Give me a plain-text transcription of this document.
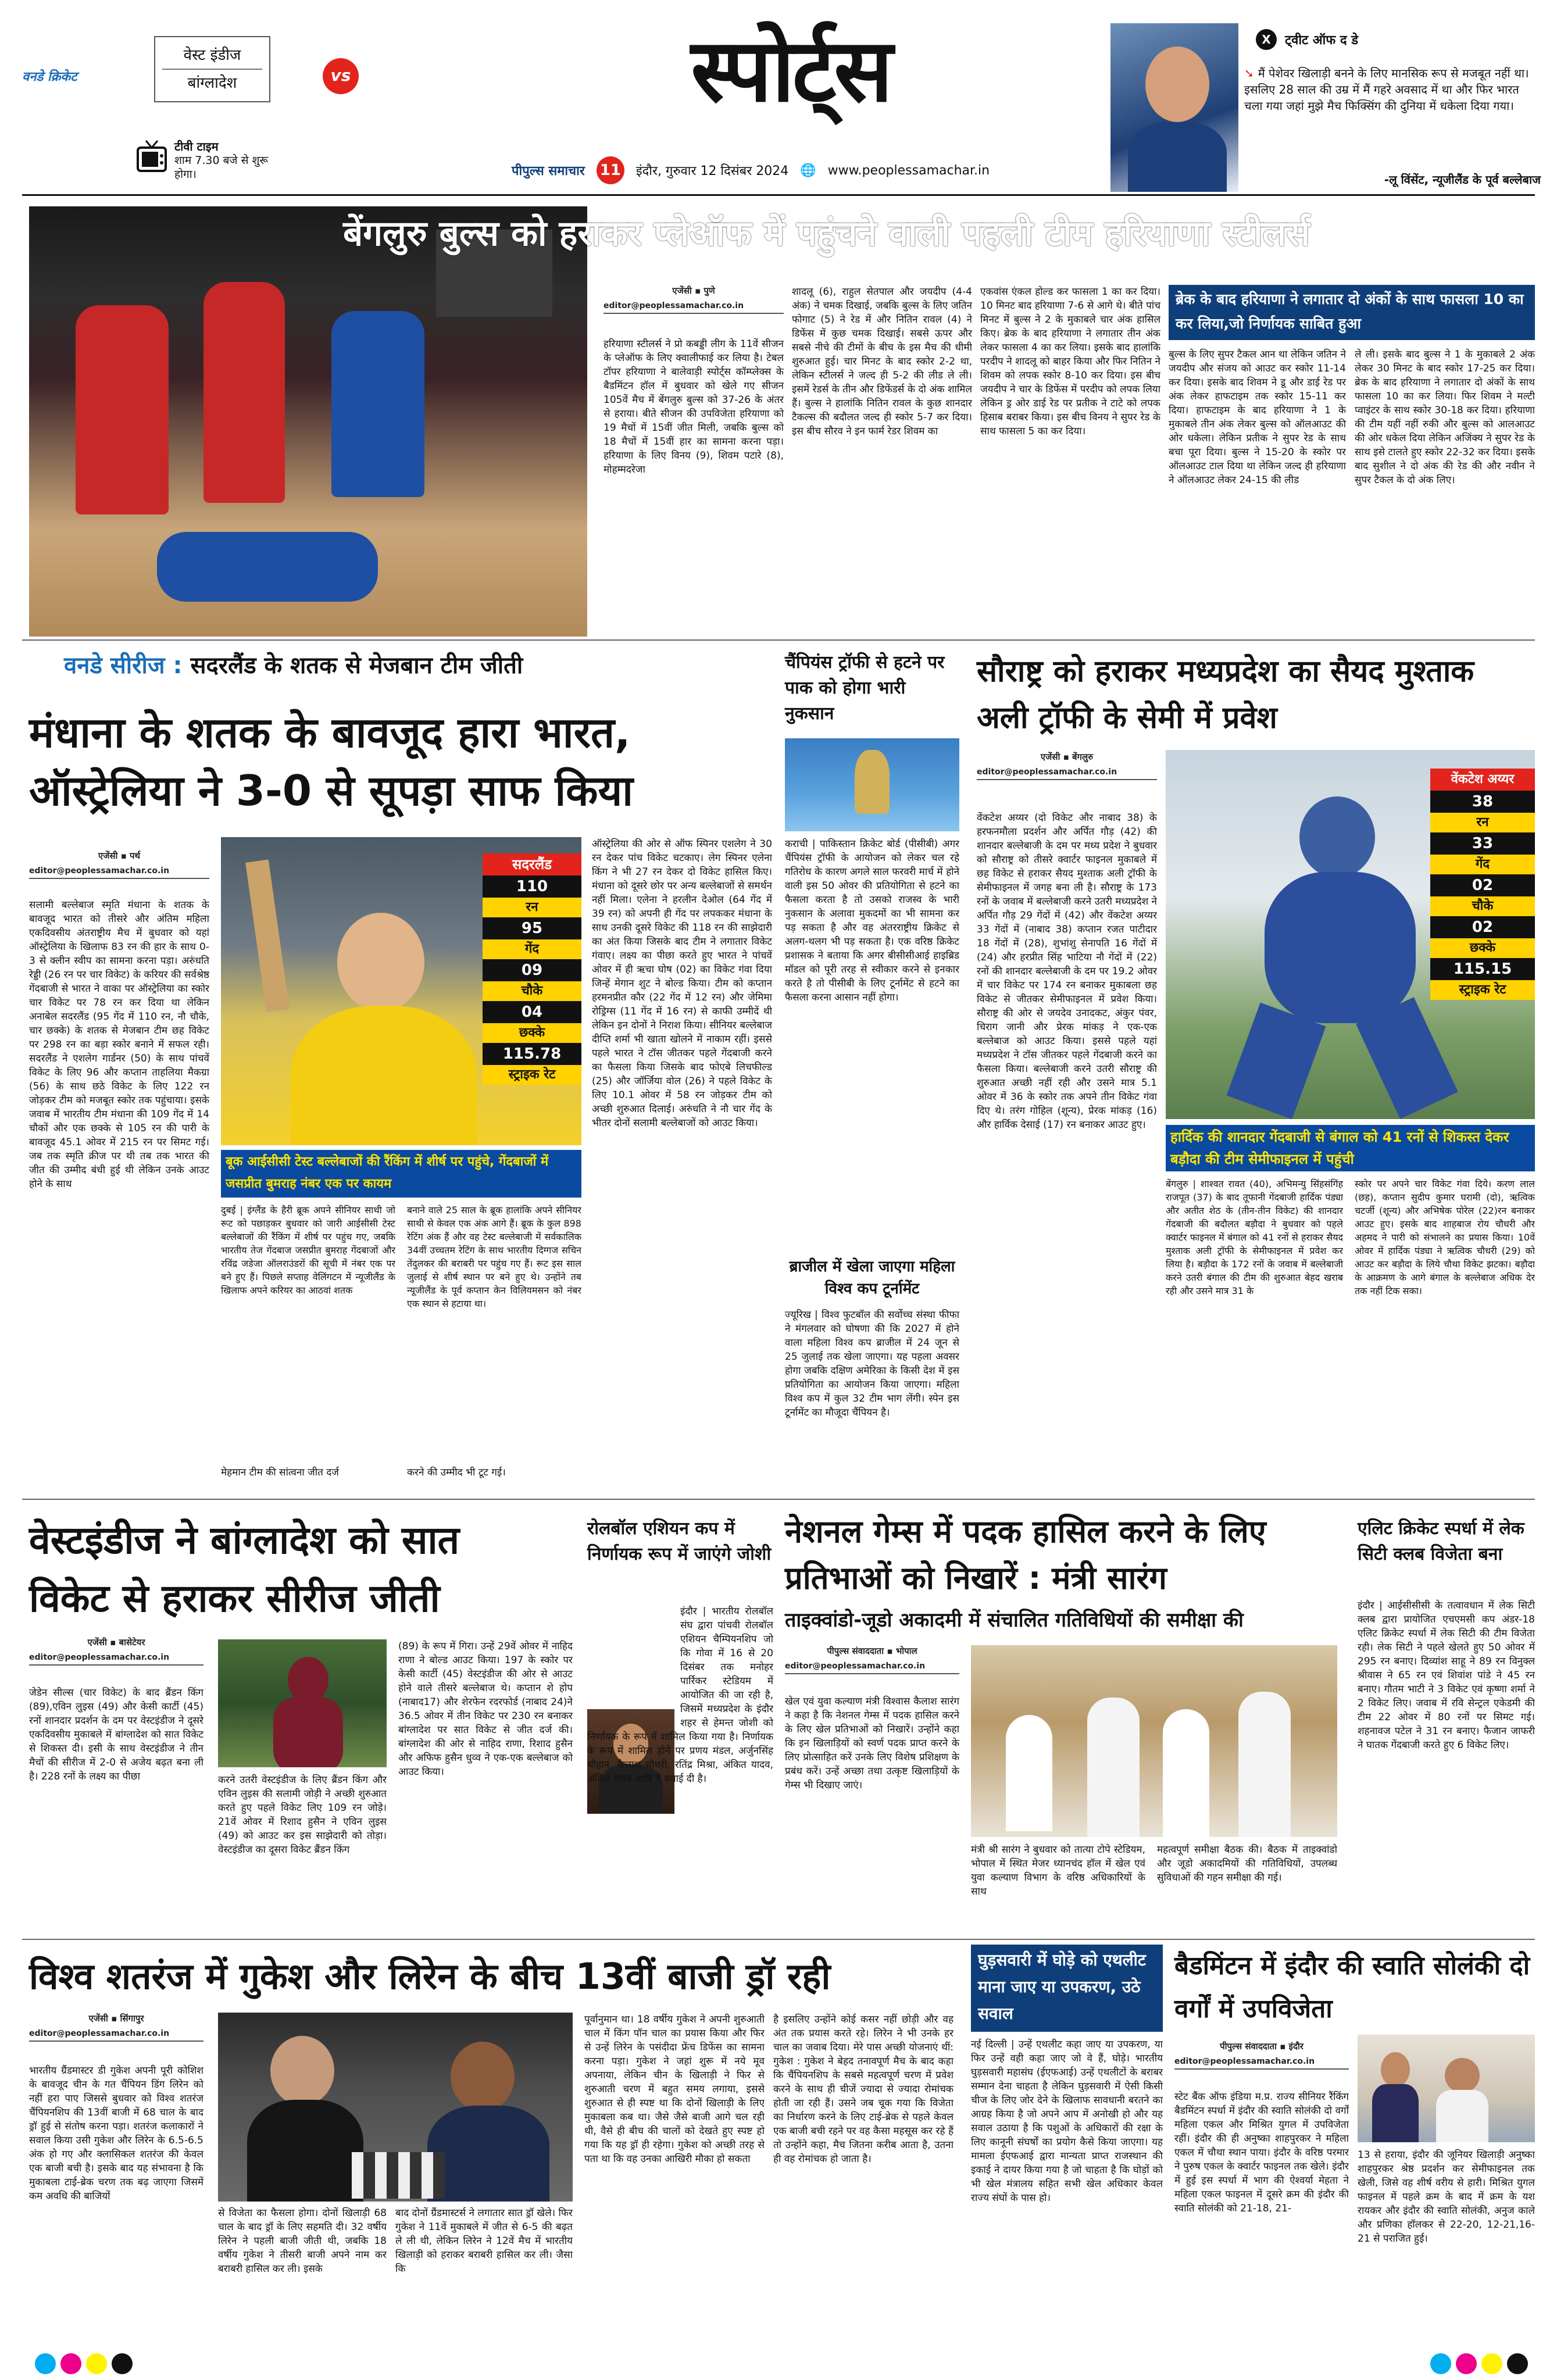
वनडे क्रिकेट
वेस्ट इंडीज
बांग्लादेश	vs
टीवी टाइम
शाम 7.30 बजे से शुरू होगा।
स्पोर्ट्स
पीपुल्स समाचार 11 इंदौर, गुरुवार 12 दिसंबर 2024 🌐 www.peoplessamachar.in
X	ट्वीट ऑफ द डे
➘ मैं पेशेवर खिलाड़ी बनने के लिए मानसिक रूप से मजबूत नहीं था। इसलिए 28 साल की उम्र में मैं गहरे अवसाद में था और फिर भारत चला गया जहां मुझे मैच फिक्सिंग की दुनिया में धकेला दिया गया।
-लू विंसेंट, न्यूजीलैंड के पूर्व बल्लेबाज
बेंगलुरु बुल्स को हराकर प्लेऑफ में पहुंचने वाली पहली टीम हरियाणा स्टीलर्स
एजेंसी ▪ पुणे
editor@peoplessamachar.co.in
हरियाणा स्टीलर्स ने प्रो कबड्डी लीग के 11वें सीजन के प्लेऑफ के लिए क्वालीफाई कर लिया है। टेबल टॉपर हरियाणा ने बालेवाड़ी स्पोर्ट्स कॉम्प्लेक्स के बैडमिंटन हॉल में बुधवार को खेले गए सीजन 105वें मैच में बेंगलुरु बुल्स को 37-26 के अंतर से हराया। बीते सीजन की उपविजेता हरियाणा को 19 मैचों में 15वीं जीत मिली, जबकि बुल्स को 18 मैचों में 15वीं हार का सामना करना पड़ा। हरियाणा के लिए विनय (9), शिवम पटारे (8), मोहम्मदरेजा
शादलू (6), राहुल सेतपाल और जयदीप (4-4 अंक) ने चमक दिखाई, जबकि बुल्स के लिए जतिन फोगाट (5) ने रेड में और नितिन रावल (4) ने डिफेंस में कुछ चमक दिखाई। सबसे ऊपर और सबसे नीचे की टीमों के बीच के इस मैच की धीमी शुरुआत हुई। चार मिनट के बाद स्कोर 2-2 था, लेकिन स्टीलर्स ने जल्द ही 5-2 की लीड ले ली। इसमें रेडर्स के तीन और डिफेंडर्स के दो अंक शामिल हैं। बुल्स ने हालांकि नितिन रावल के कुछ शानदार टैकल्स की बदौलत जल्द ही स्कोर 5-7 कर दिया। इस बीच सौरव ने इन फार्म रेडर शिवम का
एकवांस एंकल होल्ड कर फासला 1 का कर दिया। 10 मिनट बाद हरियाणा 7-6 से आगे थे। बीते पांच मिनट में बुल्स ने 2 के मुकाबले चार अंक हासिल किए। ब्रेक के बाद हरियाणा ने लगातार तीन अंक लेकर फासला 4 का कर लिया। इसके बाद हालांकि परदीप ने शादलू को बाहर किया और फिर नितिन ने शिवम को लपक स्कोर 8-10 कर दिया। इस बीच जयदीप ने चार के डिफेंस में परदीप को लपक लिया लेकिन ड्र ओर डाई रेड पर प्रतीक ने टाटे को लपक हिसाब बराबर किया। इस बीच विनय ने सुपर रेड के साथ फासला 5 का कर दिया।
ब्रेक के बाद हरियाणा ने लगातार दो अंकों के साथ फासला 10 का कर लिया,जो निर्णायक साबित हुआ
बुल्स के लिए सुपर टैकल आन था लेकिन जतिन ने जयदीप और संजय को आउट कर स्कोर 11-14 कर दिया। इसके बाद शिवम ने डू और डाई रेड पर अंक लेकर हाफटाइम तक स्कोर 15-11 कर दिया। हाफटाइम के बाद हरियाणा ने 1 के मुकाबले तीन अंक लेकर बुल्स को ऑलआउट की ओर धकेला। लेकिन प्रतीक ने सुपर रेड के साथ बचा पूरा दिया। बुल्स ने 15-20 के स्कोर पर ऑलआउट टाल दिया था लेकिन जल्द ही हरियाणा ने ऑलआउट लेकर 24-15 की लीड
ले ली। इसके बाद बुल्स ने 1 के मुकाबले 2 अंक लेकर 30 मिनट के बाद स्कोर 17-25 कर दिया। ब्रेक के बाद हरियाणा ने लगातार दो अंकों के साथ फासला 10 का कर लिया। फिर शिवम ने मल्टी प्वाइंटर के साथ स्कोर 30-18 कर दिया। हरियाणा की टीम यहीं नहीं रुकी और बुल्स को आलआउट की ओर धकेल दिया लेकिन अजिंक्य ने सुपर रेड के साथ इसे टालते हुए स्कोर 22-32 कर दिया। इसके बाद सुशील ने दो अंक की रेड की और नवीन ने सुपर टैकल के दो अंक लिए।
वनडे सीरीज : सदरलैंड के शतक से मेजबान टीम जीती
मंधाना के शतक के बावजूद हारा भारत, ऑस्ट्रेलिया ने 3-0 से सूपड़ा साफ किया
एजेंसी ▪ पर्थ
editor@peoplessamachar.co.in
सलामी बल्लेबाज स्मृति मंधाना के शतक के बावजूद भारत को तीसरे और अंतिम महिला एकदिवसीय अंतराष्ट्रीय मैच में बुधवार को यहां ऑस्ट्रेलिया के खिलाफ 83 रन की हार के साथ 0-3 से क्लीन स्वीप का सामना करना पड़ा। अरुंधति रेड्डी (26 रन पर चार विकेट) के करियर की सर्वश्रेष्ठ गेंदबाजी से भारत ने वाका पर ऑस्ट्रेलिया का स्कोर चार विकेट पर 78 रन कर दिया था लेकिन अनाबेल सदरलैंड (95 गेंद में 110 रन, नौ चौके, चार छक्के) के शतक से मेजबान टीम छह विकेट पर 298 रन का बड़ा स्कोर बनाने में सफल रही। सदरलैंड ने एशलेग गार्डनर (50) के साथ पांचवें विकेट के लिए 96 और कप्तान ताहलिया मैकग्रा (56) के साथ छठे विकेट के लिए 122 रन जोड़कर टीम को मजबूत स्कोर तक पहुंचाया। इसके जवाब में भारतीय टीम मंधाना की 109 गेंद में 14 चौकों और एक छक्के से 105 रन की पारी के बावजूद 45.1 ओवर में 215 रन पर सिमट गई। जब तक स्मृति क्रीज पर थी तब तक भारत की जीत की उम्मीद बंधी हुई थी लेकिन उनके आउट होने के साथ
सदरलैंड
110
रन
95
गेंद
09
चौके
04
छक्के
115.78
स्ट्राइक रेट
बूक आईसीसी टेस्ट बल्लेबाजों की रैंकिंग में शीर्ष पर पहुंचे, गेंदबाजों में जसप्रीत बुमराह नंबर एक पर कायम
दुबई | इंग्लैंड के हैरी ब्रूक अपने सीनियर साथी जो रूट को पछाड़कर बुधवार को जारी आईसीसी टेस्ट बल्लेबाजों की रैंकिंग में शीर्ष पर पहुंच गए, जबकि भारतीय तेज गेंदबाज जसप्रीत बुमराह गेंदबाजों और रविंद्र जडेजा ऑलराउंडरों की सूची में नंबर एक पर बने हुए हैं। पिछले सप्ताह वेलिंगटन में न्यूजीलैंड के खिलाफ अपने करियर का आठवां शतक
बनाने वाले 25 साल के ब्रूक हालांकि अपने सीनियर साथी से केवल एक अंक आगे हैं। ब्रूक के कुल 898 रेटिंग अंक हैं और वह टेस्ट बल्लेबाजी में सर्वकालिक 34वीं उच्चतम रेटिंग के साथ भारतीय दिग्गज सचिन तेंदुलकर की बराबरी पर पहुंच गए हैं। रूट इस साल जुलाई से शीर्ष स्थान पर बने हुए थे। उन्होंने तब न्यूजीलैंड के पूर्व कप्तान केन विलियमसन को नंबर एक स्थान से हटाया था।
मेहमान टीम की सांत्वना जीत दर्ज	करने की उम्मीद भी टूट गई।
ऑस्ट्रेलिया की ओर से ऑफ स्पिनर एशलेग ने 30 रन देकर पांच विकेट चटकाए। लेग स्पिनर एलेना किंग ने भी 27 रन देकर दो विकेट हासिल किए। मंधाना को दूसरे छोर पर अन्य बल्लेबाजों से समर्थन नहीं मिला। एलेना ने हरलीन देओल (64 गेंद में 39 रन) को अपनी ही गेंद पर लपककर मंधाना के साथ उनकी दूसरे विकेट की 118 रन की साझेदारी का अंत किया जिसके बाद टीम ने लगातार विकेट गंवाए। लक्ष्य का पीछा करते हुए भारत ने पांचवें ओवर में ही ऋचा घोष (02) का विकेट गंवा दिया जिन्हें मेगान शुट ने बोल्ड किया। टीम को कप्तान हरमनप्रीत कौर (22 गेंद में 12 रन) और जेमिमा रोड्रिग्स (11 गेंद में 16 रन) से काफी उम्मीदें थी लेकिन इन दोनों ने निराश किया। सीनियर बल्लेबाज दीप्ति शर्मा भी खाता खोलने में नाकाम रहीं। इससे पहले भारत ने टॉस जीतकर पहले गेंदबाजी करने का फैसला किया जिसके बाद फोएबे लिचफील्ड (25) और जॉर्जिया वोल (26) ने पहले विकेट के लिए 10.1 ओवर में 58 रन जोड़कर टीम को अच्छी शुरुआत दिलाई। अरुंधति ने नौ चार गेंद के भीतर दोनों सलामी बल्लेबाजों को आउट किया।
चैंपियंस ट्रॉफी से हटने पर पाक को होगा भारी नुकसान
कराची | पाकिस्तान क्रिकेट बोर्ड (पीसीबी) अगर चैंपियंस ट्रॉफी के आयोजन को लेकर चल रहे गतिरोध के कारण अगले साल फरवरी मार्च में होने वाली इस 50 ओवर की प्रतियोगिता से हटने का फैसला करता है तो उसको राजस्व के भारी नुकसान के अलावा मुकदमों का भी सामना कर पड़ सकता है और वह अंतरराष्ट्रीय क्रिकेट से अलग-थलग भी पड़ सकता है। एक वरिष्ठ क्रिकेट प्रशासक ने बताया कि अगर बीसीसीआई हाइब्रिड मॉडल को पूरी तरह से स्वीकार करने से इनकार करते है तो पीसीबी के लिए टूर्नामेंट से हटने का फैसला करना आसान नहीं होगा।
ब्राजील में खेला जाएगा महिला विश्व कप टूर्नामेंट
ज्यूरिख | विश्व फुटबॉल की सर्वोच्च संस्था फीफा ने मंगलवार को घोषणा की कि 2027 में होने वाला महिला विश्व कप ब्राजील में 24 जून से 25 जुलाई तक खेला जाएगा। यह पहला अवसर होगा जबकि दक्षिण अमेरिका के किसी देश में इस प्रतियोगिता का आयोजन किया जाएगा। महिला विश्व कप में कुल 32 टीम भाग लेंगी। स्पेन इस टूर्नामेंट का मौजूदा चैंपियन है।
सौराष्ट्र को हराकर मध्यप्रदेश का सैयद मुश्ताक अली ट्रॉफी के सेमी में प्रवेश
एजेंसी ▪ बेंगलुरु
editor@peoplessamachar.co.in
वेंकटेश अय्यर (दो विकेट और नाबाद 38) के हरफनमौला प्रदर्शन और अर्पित गौड़ (42) की शानदार बल्लेबाजी के दम पर मध्य प्रदेश ने बुधवार को सौराष्ट्र को तीसरे क्वार्टर फाइनल मुकाबले में छह विकेट से हराकर सैयद मुश्ताक अली ट्रॉफी के सेमीफाइनल में जगह बना ली है। सौराष्ट्र के 173 रनों के जवाब में बल्लेबाजी करने उतरी मध्यप्रदेश ने अर्पित गौड़ 29 गेंदों में (42) और वेंकटेश अय्यर 33 गेंदों में (नाबाद 38) कप्तान रजत पाटीदार 18 गेंदों में (28), शुभांशु सेनापति 16 गेंदों में (24) और हरप्रीत सिंह भाटिया नौ गेंदों में (22) रनों की शानदार बल्लेबाजी के दम पर 19.2 ओवर में चार विकेट पर 174 रन बनाकर मुकाबला छह विकेट से जीतकर सेमीफाइनल में प्रवेश किया। सौराष्ट्र की ओर से जयदेव उनादकट, अंकुर पंवर, चिराग जानी और प्रेरक मांकड़ ने एक-एक बल्लेबाज को आउट किया। इससे पहले यहां मध्यप्रदेश ने टॉस जीतकर पहले गेंदबाजी करने का फैसला किया। बल्लेबाजी करने उतरी सौराष्ट्र की शुरुआत अच्छी नहीं रही और उसने मात्र 5.1 ओवर में 36 के स्कोर तक अपने तीन विकेट गंवा दिए थे। तरंग गोहिल (शून्य), प्रेरक मांकड़ (16) और हार्विक देसाई (17) रन बनाकर आउट हुए।
वेंकटेश अय्यर
38
रन
33
गेंद
02
चौके
02
छक्के
115.15
स्ट्राइक रेट
हार्दिक की शानदार गेंदबाजी से बंगाल को 41 रनों से शिकस्त देकर बड़ौदा की टीम सेमीफाइनल में पहुंची
बेंगलुरु | शाश्वत रावत (40), अभिमन्यु सिंहसंगिंह राजपूत (37) के बाद तूफानी गेंदबाजी हार्दिक पंड्या और अतीत शेठ के (तीन-तीन विकेट) की शानदार गेंदबाजी की बदौलत बड़ौदा ने बुधवार को पहले क्वार्टर फाइनल में बंगाल को 41 रनों से हराकर सैयद मुश्ताक अली ट्रॉफी के सेमीफाइनल में प्रवेश कर लिया है। बड़ौदा के 172 रनों के जवाब में बल्लेबाजी करने उतरी बंगाल की टीम की शुरुआत बेहद खराब रही और उसने मात्र 31 के
स्कोर पर अपने चार विकेट गंवा दिये। करण लाल (छह), कप्तान सुदीप कुमार घरामी (दो), ऋत्विक चटर्जी (शून्य) और अभिषेक पोरेल (22)रन बनाकर आउट हुए। इसके बाद शाहबाज रोय चौधरी और अहमद ने पारी को संभालने का प्रयास किया। 10वें ओवर में हार्दिक पंड्या ने ऋत्विक चौधरी (29) को आउट कर बड़ौदा के लिये चौथा विकेट झटका। बड़ौदा के आक्रमण के आगे बंगाल के बल्लेबाज अधिक देर तक नहीं टिक सका।
वेस्टइंडीज ने बांग्लादेश को सात विकेट से हराकर सीरीज जीती
एजेंसी ▪ बासेटेयर
editor@peoplessamachar.co.in
जेडेन सील्स (चार विकेट) के बाद ब्रैंडन किंग (89),एविन लुइस (49) और केसी कार्टी (45) रनों शानदार प्रदर्शन के दम पर वेस्टइंडीज ने दूसरे एकदिवसीय मुकाबले में बांग्लादेश को सात विकेट से शिकस्त दी। इसी के साथ वेस्टइंडीज ने तीन मैचों की सीरीज में 2-0 से अजेय बढ़त बना ली है। 228 रनों के लक्ष्य का पीछा	करने उतरी वेस्टइंडीज के लिए ब्रैंडन किंग और एविन लुइस की सलामी जोड़ी ने अच्छी शुरुआत करते हुए पहले विकेट लिए 109 रन जोड़े। 21वें ओवर में रिशाद हुसैन ने एविन लुइस (49) को आउट कर इस साझेदारी को तोड़ा। वेस्टइंडीज का दूसरा विकेट ब्रैंडन किंग
(89) के रूप में गिरा। उन्हें 29वें ओवर में नाहिद राणा ने बोल्ड आउट किया। 197 के स्कोर पर केसी कार्टी (45) वेस्टइंडीज की ओर से आउट होने वाले तीसरे बल्लेबाज थे। कप्तान शे होप (नाबाद17) और शेरफेन रदरफोर्ड (नाबाद 24)ने 36.5 ओवर में तीन विकेट पर 230 रन बनाकर बांग्लादेश पर सात विकेट से जीत दर्ज की। बांग्लादेश की ओर से नाहिद राणा, रिशाद हुसैन और अफिफ हुसैन धुव्व ने एक-एक बल्लेबाज को आउट किया।
रोलबॉल एशियन कप में निर्णायक रूप में जाएंगे जोशी
इंदौर | भारतीय रोलबॉल संघ द्वारा पांचवी रोलबॉल एशियन चैम्पियनशिप जो कि गोवा में 16 से 20 दिसंबर तक मनोहर पार्रिकर स्टेडियम में आयोजित की जा रही है, जिसमें मध्यप्रदेश के इंदौर शहर से हेमन्त जोशी को निर्णायक के रूप में शामिल किया गया है। निर्णायक के रूप में शामिल होने पर प्रणय मंडल, अर्जुनसिंह चौहान, कैलाश चौधरी, रतिंद्र मिश्रा, अंकित यादव, अंकित रावत आदि ने बधाई दी है।
नेशनल गेम्स में पदक हासिल करने के लिए प्रतिभाओं को निखारें : मंत्री सारंग
ताइक्वांडो-जूडो अकादमी में संचालित गतिविधियों की समीक्षा की
पीपुल्स संवाददाता ▪ भोपाल
editor@peoplessamachar.co.in
खेल एवं युवा कल्याण मंत्री विश्वास कैलाश सारंग ने कहा है कि नेशनल गेम्स में पदक हासिल करने के लिए खेल प्रतिभाओं को निखारें। उन्होंने कहा कि इन खिलाड़ियों को स्वर्ण पदक प्राप्त करने के लिए प्रोत्साहित करें उनके लिए विशेष प्रशिक्षण के प्रबंध करें। उन्हें अच्छा तथा उत्कृष्ट खिलाड़ियों के गेम्स भी दिखाए जाएं।
मंत्री श्री सारंग ने बुधवार को तात्या टोपे स्टेडियम, भोपाल में स्थित मेजर ध्यानचंद हॉल में खेल एवं युवा कल्याण विभाग के वरिष्ठ अधिकारियों के साथ
महत्वपूर्ण समीक्षा बैठक की। बैठक में ताइक्वांडो और जूडो अकादमियों की गतिविधियों, उपलब्ध सुविधाओं की गहन समीक्षा की गई।
एलिट क्रिकेट स्पर्धा में लेक सिटी क्लब विजेता बना
इंदौर | आईसीसीसी के तत्वावधान में लेक सिटी क्लब द्वारा प्रायोजित एचएमसी कप अंडर-18 एलिट क्रिकेट स्पर्धा में लेक सिटी की टीम विजेता रही। लेक सिटी ने पहले खेलते हुए 50 ओवर में 295 रन बनाए। दिव्यांश साहू ने 89 रन विनुक्ल श्रीवास ने 65 रन एवं शिवांश पांडे ने 45 रन बनाए। गौतम भाटी ने 3 विकेट एवं कृष्णा शर्मा ने 2 विकेट लिए। जवाब में रवि सेन्ट्रल एकेडमी की टीम 22 ओवर में 80 रनों पर सिमट गई। शहनावज पटेल ने 31 रन बनाए। फैजान जाफरी ने घातक गेंदबाजी करते हुए 6 विकेट लिए।
विश्व शतरंज में गुकेश और लिरेन के बीच 13वीं बाजी ड्रॉ रही
एजेंसी ▪ सिंगापुर
editor@peoplessamachar.co.in
भारतीय ग्रैंडमास्टर डी गुकेश अपनी पूरी कोशिश के बावजूद चीन के गत चैंपियन डिंग लिरेन को नहीं हरा पाए जिससे बुधवार को विश्व शतरंज चैंपियनशिप की 13वीं बाजी में 68 चाल के बाद ड्रॉ हुई से संतोष करना पड़ा। शतरंज कलाकारों ने सवाल किया उसी गुकेश और लिरेन के 6.5-6.5 अंक हो गए और क्लासिकल शतरंज की केवल एक बाजी बची है। इसके बाद यह संभावना है कि मुकाबला टाई-ब्रेक चरण तक बढ़ जाएगा जिसमें कम अवधि की बाजियों
से विजेता का फैसला होगा। दोनों खिलाड़ी 68 चाल के बाद ड्रॉ के लिए सहमति दी। 32 वर्षीय लिरेन ने पहली बाजी जीती थी, जबकि 18 वर्षीय गुकेश ने तीसरी बाजी अपने नाम कर बराबरी हासिल कर ली। इसके
बाद दोनों ग्रैंडमास्टर्स ने लगातार सात ड्रॉ खेले। फिर गुकेश ने 11वें मुकाबले में जीत से 6-5 की बढ़त ले ली थी, लेकिन लिरेन ने 12वें मैच में भारतीय खिलाड़ी को हराकर बराबरी हासिल कर ली। जैसा कि
पूर्वानुमान था। 18 वर्षीय गुकेश ने अपनी शुरुआती चाल में किंग पॉन चाल का प्रयास किया और फिर से उन्हें लिरेन के पसंदीदा फ्रेंच डिफेंस का सामना करना पड़ा। गुकेश ने जहां शुरू में नये मूव अपनाया, लेकिन चीन के खिलाड़ी ने फिर से शुरुआती चरण में बहुत समय लगाया, इससे शुरुआत से ही स्पष्ट था कि दोनों खिलाड़ी के लिए मुकाबला कब था। जैसे जैसे बाजी आगे चल रही थी, वैसे ही बीच की चालों को देखते हुए स्पष्ट हो गया कि यह ड्रॉ ही रहेगा। गुकेश को अच्छी तरह से पता था कि वह उनका आखिरी मौका हो सकता
है इसलिए उन्होंने कोई कसर नहीं छोड़ी और वह अंत तक प्रयास करते रहे। लिरेन ने भी उनके हर चाल का जवाब दिया। मेरे पास अच्छी योजनाएं थीं: गुकेश : गुकेश ने बेहद तनावपूर्ण मैच के बाद कहा कि चैंपियनशिप के सबसे महत्वपूर्ण चरण में प्रवेश करने के साथ ही चीजें ज्यादा से ज्यादा रोमांचक होती जा रही हैं। उसने जब चूक गया कि विजेता का निर्धारण करने के लिए टाई-ब्रेक से पहले केवल एक बाजी बची रहने पर वह कैसा महसूस कर रहे हैं तो उन्होंने कहा, मैच जितना करीब आता है, उतना ही वह रोमांचक हो जाता है।
घुड़सवारी में घोड़े को एथलीट माना जाए या उपकरण, उठे सवाल
नई दिल्ली | उन्हें एथलीट कहा जाए या उपकरण, या फिर उन्हें वही कहा जाए जो वे हैं, घोड़े। भारतीय घुड़सवारी महासंघ (ईएफआई) उन्हें एथलीटों के बराबर सम्मान देना चाहता है लेकिन घुड़सवारी में ऐसी किसी चीज के लिए जोर देने के खिलाफ सावधानी बरतने का आग्रह किया है जो अपने आप में अनोखी हो और यह सवाल उठाया है कि पशुओं के अधिकारों की रक्षा के लिए कानूनी संघर्षों का प्रयोग कैसे किया जाएगा। यह मामला ईएफआई द्वारा मान्यता प्राप्त राजस्थान की इकाई ने दायर किया गया है जो चाहता है कि घोड़ों को भी खेल मंत्रालय सहित सभी खेल अधिकार केवल राज्य संघों के पास हो।
बैडमिंटन में इंदौर की स्वाति सोलंकी दो वर्गों में उपविजेता
पीपुल्स संवाददाता ▪ इंदौर
editor@peoplessamachar.co.in
स्टेट बैंक ऑफ इंडिया म.प्र. राज्य सीनियर रैंकिंग बैडमिंटन स्पर्धा में इंदौर की स्वाति सोलंकी दो वर्गों महिला एकल और मिश्रित युगल में उपविजेता रहीं। इंदौर की ही अनुष्का शाहपुरकर ने महिला एकल में चौथा स्थान पाया। इंदौर के वरिष्ठ परमार ने पुरुष एकल के क्वार्टर फाइनल तक खेले। इंदौर में हुई इस स्पर्धा में भाग की ऐश्वर्या मेहता ने महिला एकल फाइनल में दूसरे क्रम की इंदौर की स्वाति सोलंकी को 21-18, 21-
13 से हराया, इंदौर की जूनियर खिलाड़ी अनुष्का शाहपुरकर श्रेष्ठ प्रदर्शन कर सेमीफाइनल तक खेली, जिसे वह शीर्ष वरीय से हारी। मिश्रित युगल फाइनल में पहले क्रम के बाद में क्रम के यश रायकर और इंदौर की स्वाति सोलंकी, अनुज काले और प्रणिका हॉलकर से 22-20, 12-21,16-21 से पराजित हुई।
